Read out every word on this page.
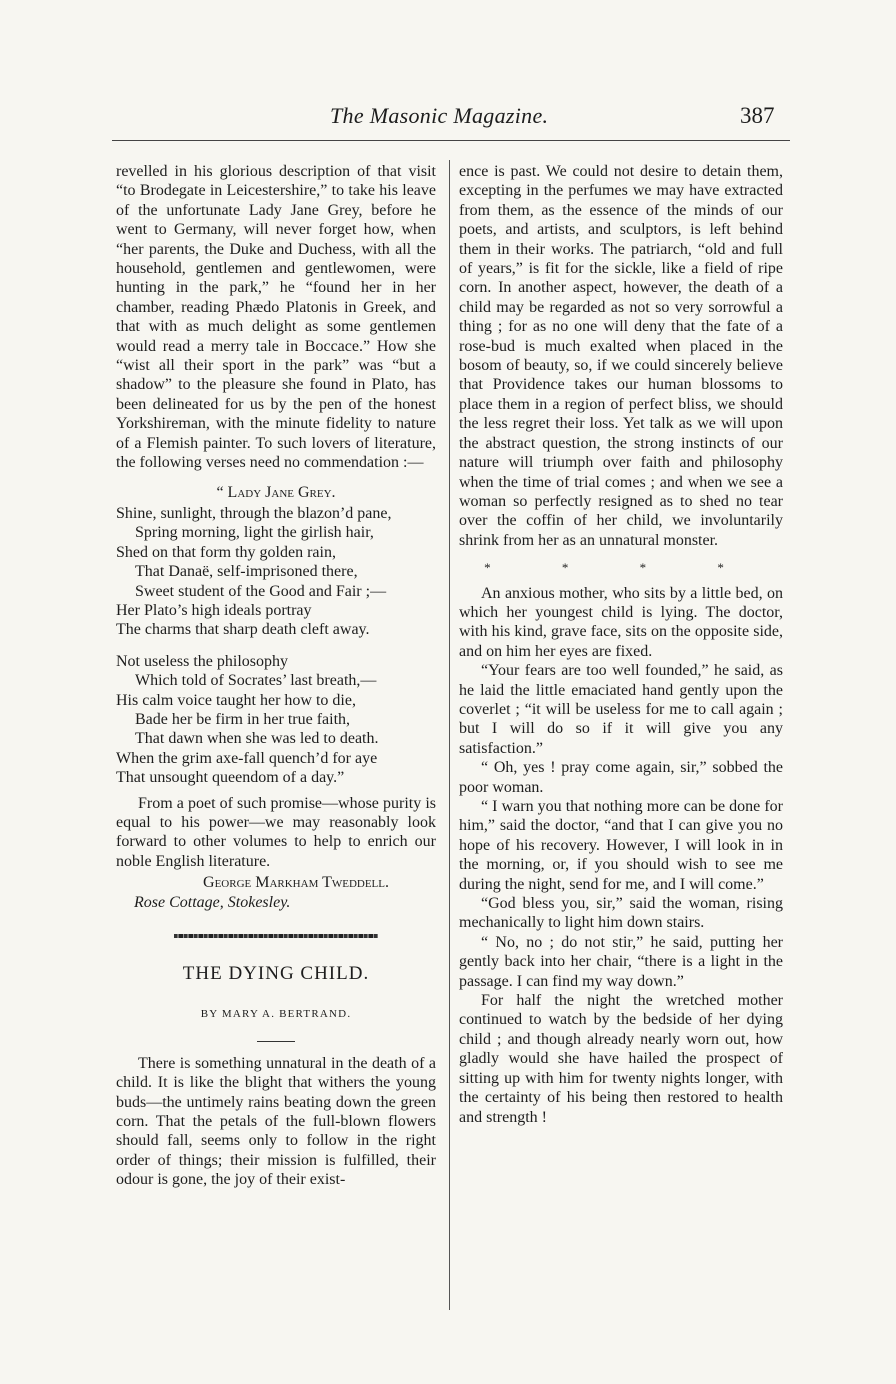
The Masonic Magazine.	387

revelled in his glorious description of that visit “to Brodegate in Leicestershire,” to take his leave of the unfortunate Lady Jane Grey, before he went to Germany, will never forget how, when “her parents, the Duke and Duchess, with all the household, gentlemen and gentlewomen, were hunting in the park,” he “found her in her chamber, reading Phædo Platonis in Greek, and that with as much delight as some gentlemen would read a merry tale in Boccace.” How she “wist all their sport in the park” was “but a shadow” to the pleasure she found in Plato, has been delineated for us by the pen of the honest Yorkshireman, with the minute fidelity to nature of a Flemish painter. To such lovers of literature, the following verses need no commendation :—

“ Lady Jane Grey.
Shine, sunlight, through the blazon’d pane,
Spring morning, light the girlish hair,
Shed on that form thy golden rain,
That Danaë, self-imprisoned there,
Sweet student of the Good and Fair ;—
Her Plato’s high ideals portray
The charms that sharp death cleft away.
Not useless the philosophy
Which told of Socrates’ last breath,—
His calm voice taught her how to die,
Bade her be firm in her true faith,
That dawn when she was led to death.
When the grim axe-fall quench’d for aye
That unsought queendom of a day.”

From a poet of such promise—whose purity is equal to his power—we may reasonably look forward to other volumes to help to enrich our noble English literature.

George Markham Tweddell.
Rose Cottage, Stokesley.
THE DYING CHILD.
BY MARY A. BERTRAND.

There is something unnatural in the death of a child. It is like the blight that withers the young buds—the untimely rains beating down the green corn. That the petals of the full-blown flowers should fall, seems only to follow in the right order of things; their mission is fulfilled, their odour is gone, the joy of their exist-

ence is past. We could not desire to detain them, excepting in the perfumes we may have extracted from them, as the essence of the minds of our poets, and artists, and sculptors, is left behind them in their works. The patriarch, “old and full of years,” is fit for the sickle, like a field of ripe corn. In another aspect, however, the death of a child may be regarded as not so very sorrowful a thing ; for as no one will deny that the fate of a rose-bud is much exalted when placed in the bosom of beauty, so, if we could sincerely believe that Providence takes our human blossoms to place them in a region of perfect bliss, we should the less regret their loss. Yet talk as we will upon the abstract question, the strong instincts of our nature will triumph over faith and philosophy when the time of trial comes ; and when we see a woman so perfectly resigned as to shed no tear over the coffin of her child, we involuntarily shrink from her as an unnatural monster.

* * * *

An anxious mother, who sits by a little bed, on which her youngest child is lying. The doctor, with his kind, grave face, sits on the opposite side, and on him her eyes are fixed.

“Your fears are too well founded,” he said, as he laid the little emaciated hand gently upon the coverlet ; “it will be useless for me to call again ; but I will do so if it will give you any satisfaction.”

“ Oh, yes ! pray come again, sir,” sobbed the poor woman.

“ I warn you that nothing more can be done for him,” said the doctor, “and that I can give you no hope of his recovery. However, I will look in in the morning, or, if you should wish to see me during the night, send for me, and I will come.”

“God bless you, sir,” said the woman, rising mechanically to light him down stairs.

“ No, no ; do not stir,” he said, putting her gently back into her chair, “there is a light in the passage. I can find my way down.”

For half the night the wretched mother continued to watch by the bedside of her dying child ; and though already nearly worn out, how gladly would she have hailed the prospect of sitting up with him for twenty nights longer, with the certainty of his being then restored to health and strength !
